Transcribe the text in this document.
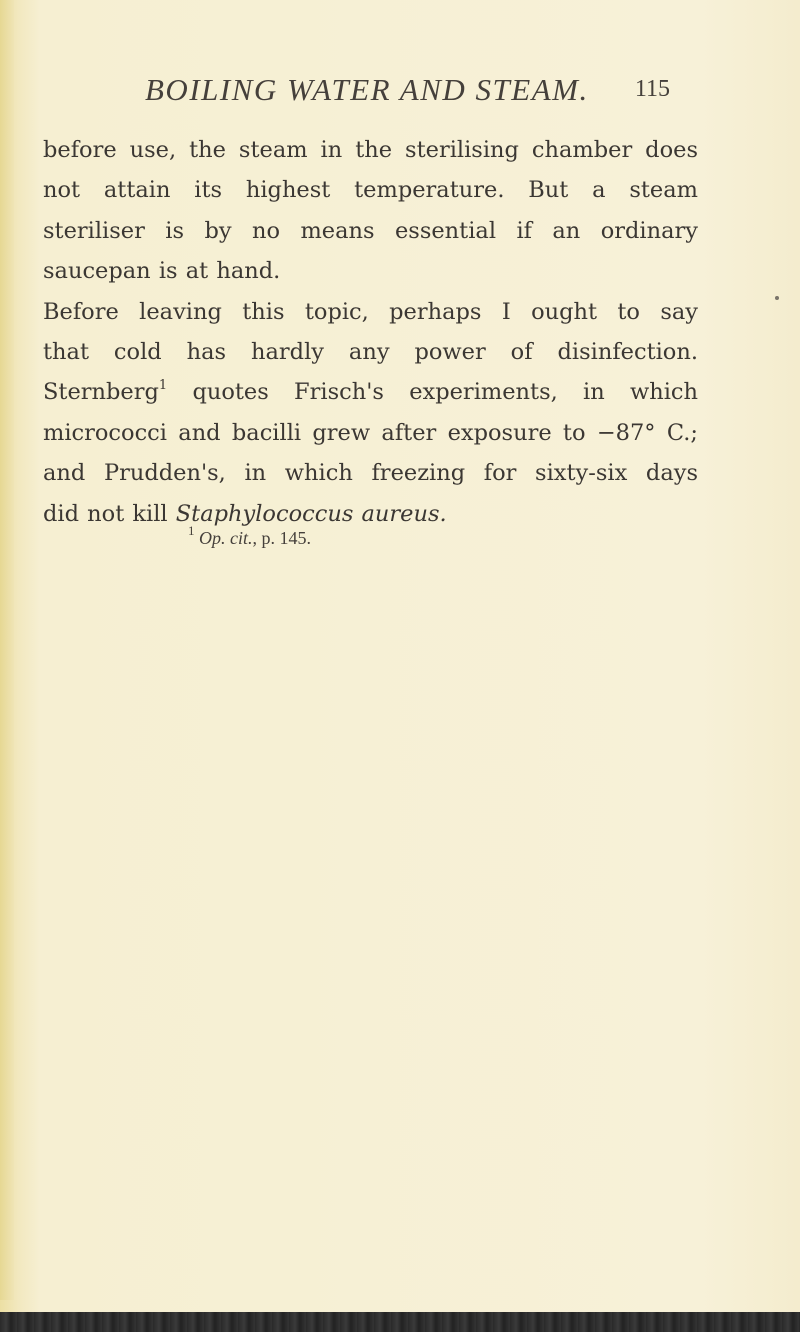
BOILING WATER AND STEAM. 115
before use, the steam in the sterilising chamber does
not attain its highest temperature. But a steam
steriliser is by no means essential if an ordinary
saucepan is at hand.
Before leaving this topic, perhaps I ought to say
that cold has hardly any power of disinfection.
Sternberg$^1$ quotes Frisch's experiments, in which
micrococci and bacilli grew after exposure to −87° C.;
and Prudden's, in which freezing for sixty-six days
did not kill Staphylococcus aureus.
$^1$ Op. cit., p. 145.
